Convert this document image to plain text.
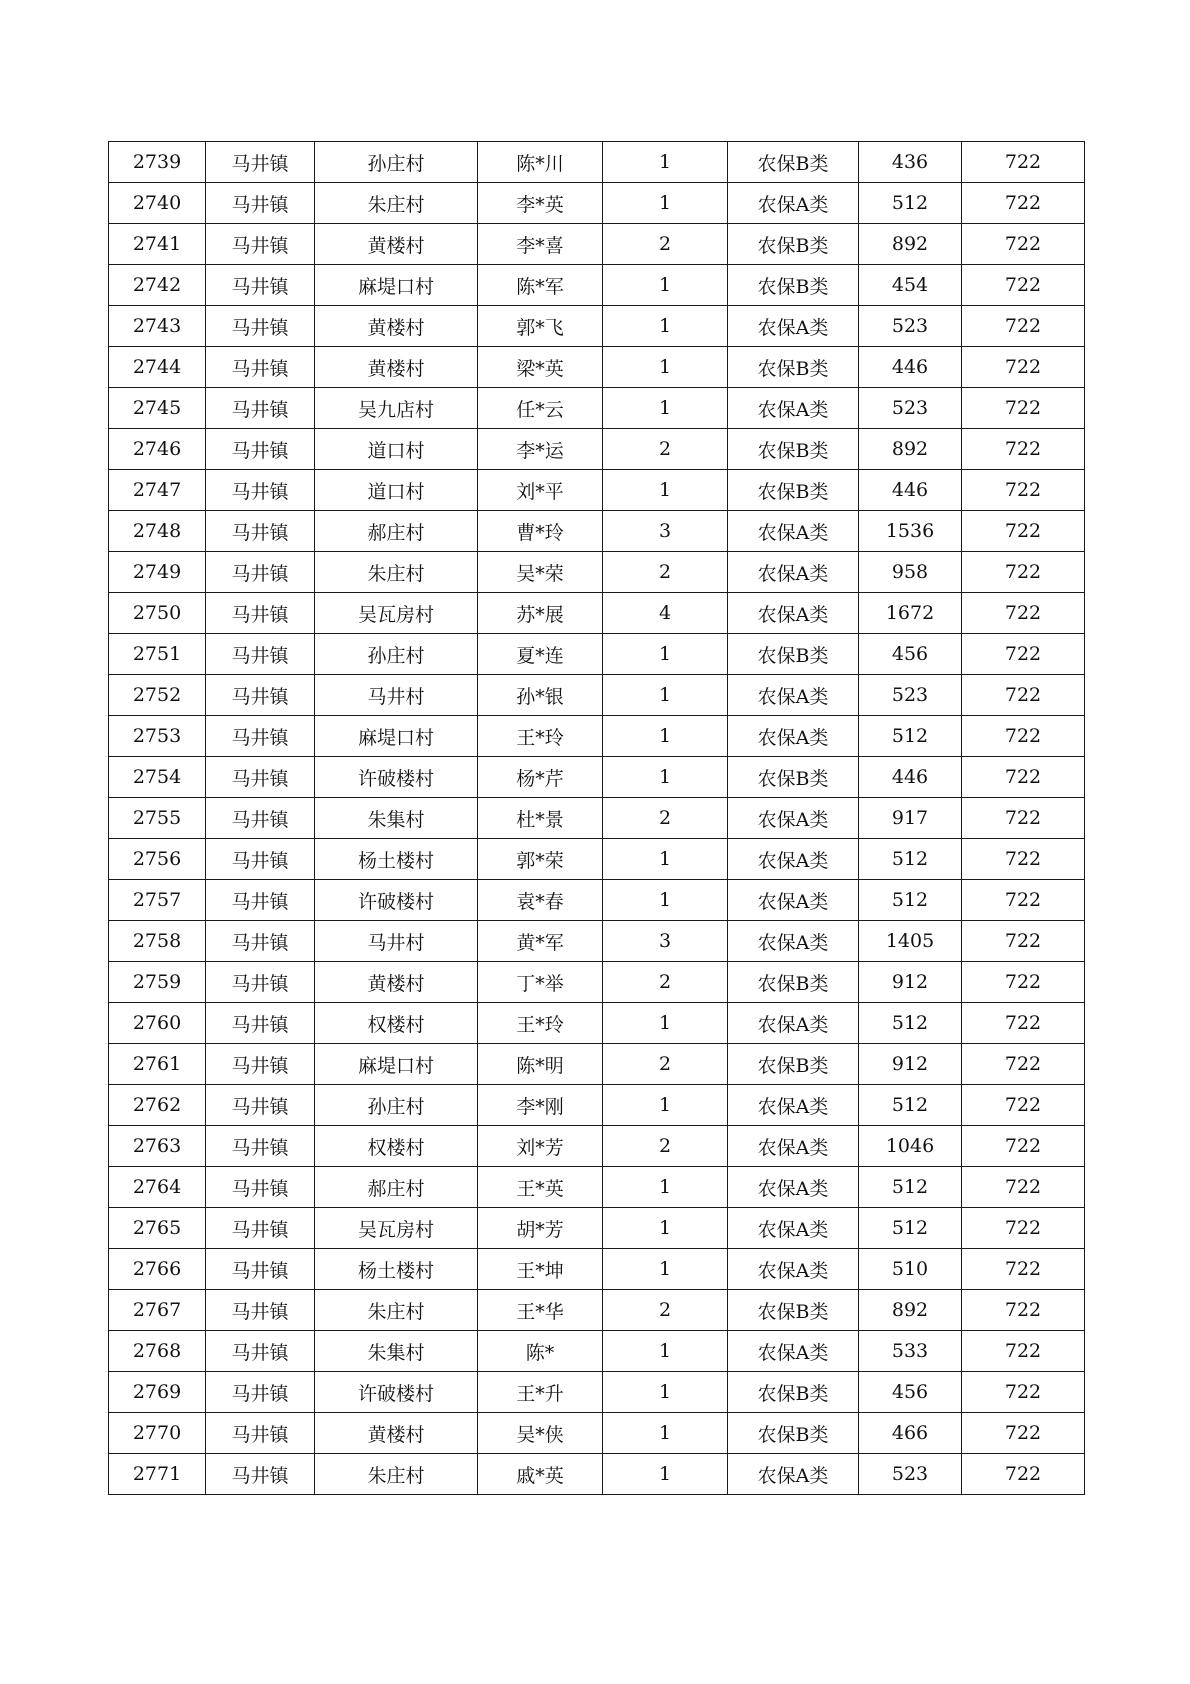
2739	马井镇	孙庄村	陈*川	1	农保B类	436	722
2740	马井镇	朱庄村	李*英	1	农保A类	512	722
2741	马井镇	黄楼村	李*喜	2	农保B类	892	722
2742	马井镇	麻堤口村	陈*军	1	农保B类	454	722
2743	马井镇	黄楼村	郭*飞	1	农保A类	523	722
2744	马井镇	黄楼村	梁*英	1	农保B类	446	722
2745	马井镇	吴九店村	任*云	1	农保A类	523	722
2746	马井镇	道口村	李*运	2	农保B类	892	722
2747	马井镇	道口村	刘*平	1	农保B类	446	722
2748	马井镇	郝庄村	曹*玲	3	农保A类	1536	722
2749	马井镇	朱庄村	吴*荣	2	农保A类	958	722
2750	马井镇	吴瓦房村	苏*展	4	农保A类	1672	722
2751	马井镇	孙庄村	夏*连	1	农保B类	456	722
2752	马井镇	马井村	孙*银	1	农保A类	523	722
2753	马井镇	麻堤口村	王*玲	1	农保A类	512	722
2754	马井镇	许破楼村	杨*芹	1	农保B类	446	722
2755	马井镇	朱集村	杜*景	2	农保A类	917	722
2756	马井镇	杨土楼村	郭*荣	1	农保A类	512	722
2757	马井镇	许破楼村	袁*春	1	农保A类	512	722
2758	马井镇	马井村	黄*军	3	农保A类	1405	722
2759	马井镇	黄楼村	丁*举	2	农保B类	912	722
2760	马井镇	权楼村	王*玲	1	农保A类	512	722
2761	马井镇	麻堤口村	陈*明	2	农保B类	912	722
2762	马井镇	孙庄村	李*刚	1	农保A类	512	722
2763	马井镇	权楼村	刘*芳	2	农保A类	1046	722
2764	马井镇	郝庄村	王*英	1	农保A类	512	722
2765	马井镇	吴瓦房村	胡*芳	1	农保A类	512	722
2766	马井镇	杨土楼村	王*坤	1	农保A类	510	722
2767	马井镇	朱庄村	王*华	2	农保B类	892	722
2768	马井镇	朱集村	陈*	1	农保A类	533	722
2769	马井镇	许破楼村	王*升	1	农保B类	456	722
2770	马井镇	黄楼村	吴*侠	1	农保B类	466	722
2771	马井镇	朱庄村	戚*英	1	农保A类	523	722
